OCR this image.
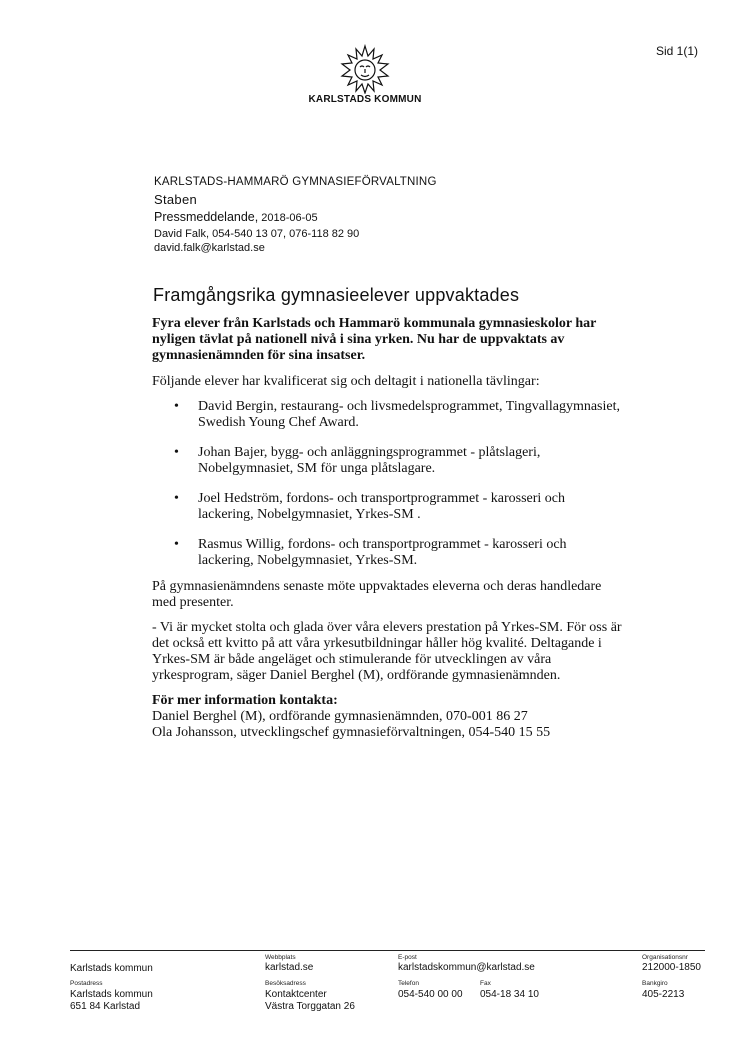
Sid 1(1)
KARLSTADS KOMMUN
KARLSTADS-HAMMARÖ GYMNASIEFÖRVALTNING
Staben
Pressmeddelande, 2018-06-05
David Falk, 054-540 13 07, 076-118 82 90
david.falk@karlstad.se
Framgångsrika gymnasieelever uppvaktades

Fyra elever från Karlstads och Hammarö kommunala gymnasieskolor har nyligen tävlat på nationell nivå i sina yrken. Nu har de uppvaktats av gymnasienämnden för sina insatser.

Följande elever har kvalificerat sig och deltagit i nationella tävlingar:

• David Bergin, restaurang- och livsmedelsprogrammet, Tingvallagymnasiet, Swedish Young Chef Award.
• Johan Bajer, bygg- och anläggningsprogrammet - plåtslageri, Nobelgymnasiet, SM för unga plåtslagare.
• Joel Hedström, fordons- och transportprogrammet - karosseri och lackering, Nobelgymnasiet, Yrkes-SM .
• Rasmus Willig, fordons- och transportprogrammet - karosseri och lackering, Nobelgymnasiet, Yrkes-SM.

På gymnasienämndens senaste möte uppvaktades eleverna och deras handledare med presenter.

- Vi är mycket stolta och glada över våra elevers prestation på Yrkes-SM. För oss är det också ett kvitto på att våra yrkesutbildningar håller hög kvalité. Deltagande i Yrkes-SM är både angeläget och stimulerande för utvecklingen av våra yrkesprogram, säger Daniel Berghel (M), ordförande gymnasienämnden.

För mer information kontakta:

Daniel Berghel (M), ordförande gymnasienämnden, 070-001 86 27

Ola Johansson, utvecklingschef gymnasieförvaltningen, 054-540 15 55

Karlstads kommun
Webbplats
karlstad.se
E-post
karlstadskommun@karlstad.se
Organisationsnr
212000-1850
Postadress
Karlstads kommun
651 84 Karlstad
Besöksadress
Kontaktcenter
Västra Torggatan 26
Telefon
054-540 00 00
Fax
054-18 34 10
Bankgiro
405-2213
